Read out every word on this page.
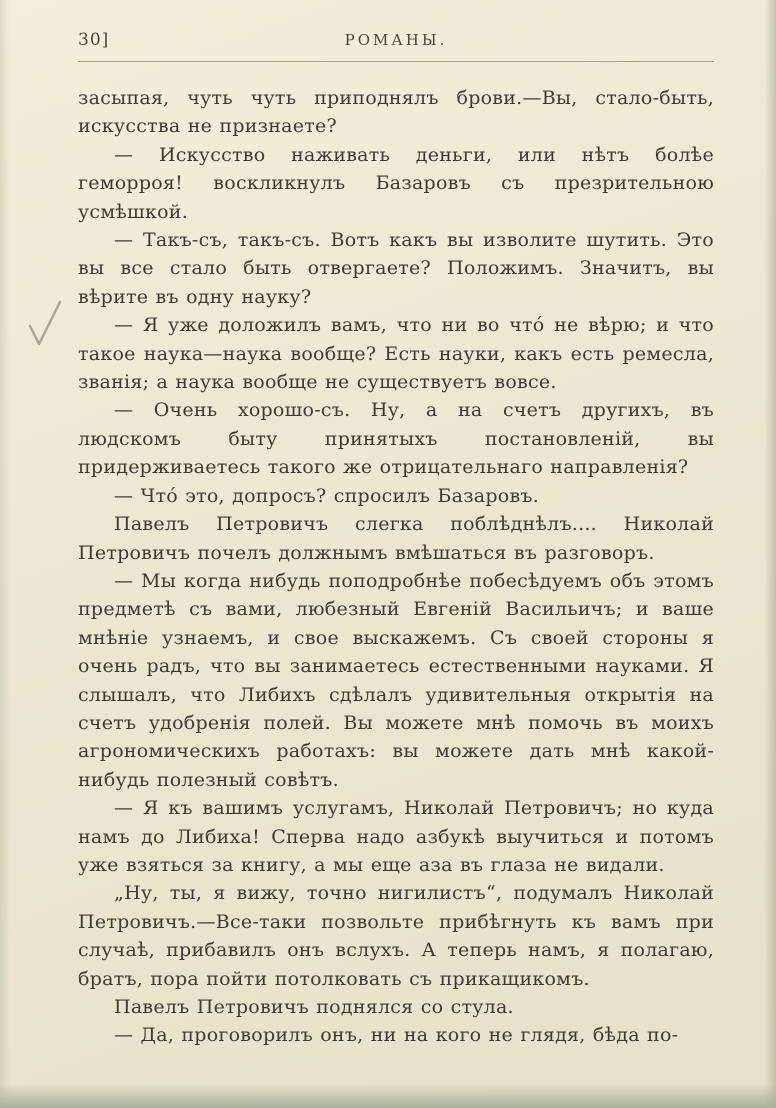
30]	РОМАНЫ.

засыпая, чуть чуть приподнялъ брови.—Вы, стало-быть, искусства не признаете?

— Искусство наживать деньги, или нѣтъ болѣе геморроя! воскликнулъ Базаровъ съ презрительною усмѣшкой.

— Такъ-съ, такъ-съ. Вотъ какъ вы изволите шутить. Это вы все стало быть отвергаете? Положимъ. Значитъ, вы вѣрите въ одну науку?

— Я уже доложилъ вамъ, что ни во чтó не вѣрю; и что такое наука—наука вообще? Есть науки, какъ есть ремесла, званія; а наука вообще не существуетъ вовсе.

— Очень хорошо-съ. Ну, а на счетъ другихъ, въ людскомъ быту принятыхъ постановленій, вы придерживаетесь такого же отрицательнаго направленія?

— Чтó это, допросъ? спросилъ Базаровъ.

Павелъ Петровичъ слегка поблѣднѣлъ.... Николай Петровичъ почелъ должнымъ вмѣшаться въ разговоръ.

— Мы когда нибудь поподробнѣе побесѣдуемъ объ этомъ предметѣ съ вами, любезный Евгеній Васильичъ; и ваше мнѣніе узнаемъ, и свое выскажемъ. Съ своей стороны я очень радъ, что вы занимаетесь естественными науками. Я слышалъ, что Либихъ сдѣлалъ удивительныя открытія на счетъ удобренія полей. Вы можете мнѣ помочь въ моихъ агрономическихъ работахъ: вы можете дать мнѣ какой-нибудь полезный совѣтъ.

— Я къ вашимъ услугамъ, Николай Петровичъ; но куда намъ до Либиха! Сперва надо азбукѣ выучиться и потомъ уже взяться за книгу, а мы еще аза въ глаза не видали.

„Ну, ты, я вижу, точно нигилистъ“, подумалъ Николай Петровичъ.—Все-таки позвольте прибѣгнуть къ вамъ при случаѣ, прибавилъ онъ вслухъ. А теперь намъ, я полагаю, братъ, пора пойти потолковать съ прикащикомъ.

Павелъ Петровичъ поднялся со стула.

— Да, проговорилъ онъ, ни на кого не глядя, бѣда по-
